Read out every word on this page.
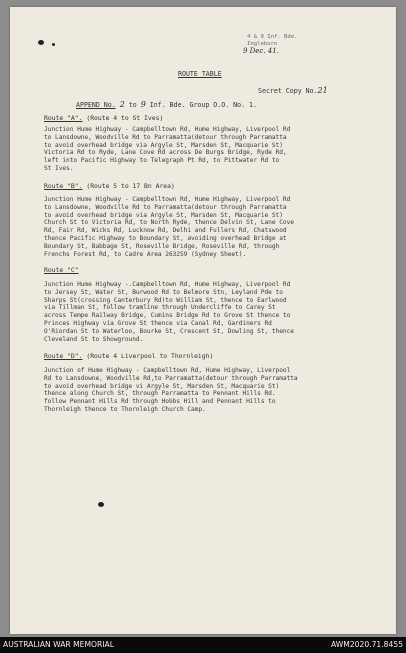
4 & 9 Inf. Bde.
Ingleburn
9 Dec. 41.
ROUTE TABLE
Secret Copy No.21
APPEND No. 2 to 9 Inf. Bde. Group O.O. No. 1.
Route "A". (Route 4 to St Ives)
Junction Hume Highway - Campbelltown Rd, Hume Highway, Liverpool Rd
to Lansdowne, Woodville Rd to Parramatta(detour through Parramatta
to avoid overhead bridge via Argyle St, Marsden St, Macquarie St)
Victoria Rd to Ryde, Lane Cove Rd across De Burgs Bridge, Ryde Rd,
left into Pacific Highway to Telegraph Pt Rd, to Pittwater Rd to
St Ives.
Route "B". (Route 5 to 17 Bn Area)
Junction Hume Highway - Campbelltown Rd, Hume Highway, Liverpool Rd
to Lansdowne, Woodville Rd to Parramatta(detour through Parramatta
to avoid overhead bridge via Argyle St, Marsden St, Macquarie St)
Church St to Victoria Rd, to North Ryde, thence Delvin St, Lane Cove
Rd, Fair Rd, Wicks Rd, Lucknow Rd, Delhi and Fullers Rd, Chatswood
thence Pacific Highway to Boundary St, avoiding overhead Bridge at
Boundary St, Babbage St, Roseville Bridge, Roseville Rd, through
Frenchs Forest Rd, to Cadre Area 263259 (Sydney Sheet).
Route "C"
Junction Hume Highway -.Campbelltown Rd, Hume Highway, Liverpool Rd
to Jersey St, Water St, Burwood Rd to Belmore Stn, Leyland Pde to
Sharps St(crossing Canterbury Rd)to William St, thence to Earlwood
via Tillman St, follow tramline through Undercliffe to Carey St
across Tempe Railway Bridge, Cumins Bridge Rd to Grove St thence to
Princes Highway via Grove St thence via Canal Rd, Gardiners Rd
O'Riordan St to Waterloo, Bourke St, Crescent St, Dowling St, thence
Cleveland St to Showground.
Route "D". (Route 4 Liverpool to Thornleigh)
Junction of Hume Highway - Campbelltown Rd, Hume Highway, Liverpool
Rd to Lansdowne, Woodville Rd,to Parramatta(detour through Parramatta
to avoid overhead bridge vi Argyle St, Marsden St, Macquarie St)
thence along Church St, through Parramatta to Pennant Hills Rd.
follow Pennant Hills Rd through Hobbs Hill and Pennant Hills to
Thornleigh thence to Thornleigh Church Camp.
AUSTRALIAN WAR MEMORIAL	AWM2020.71.8455
